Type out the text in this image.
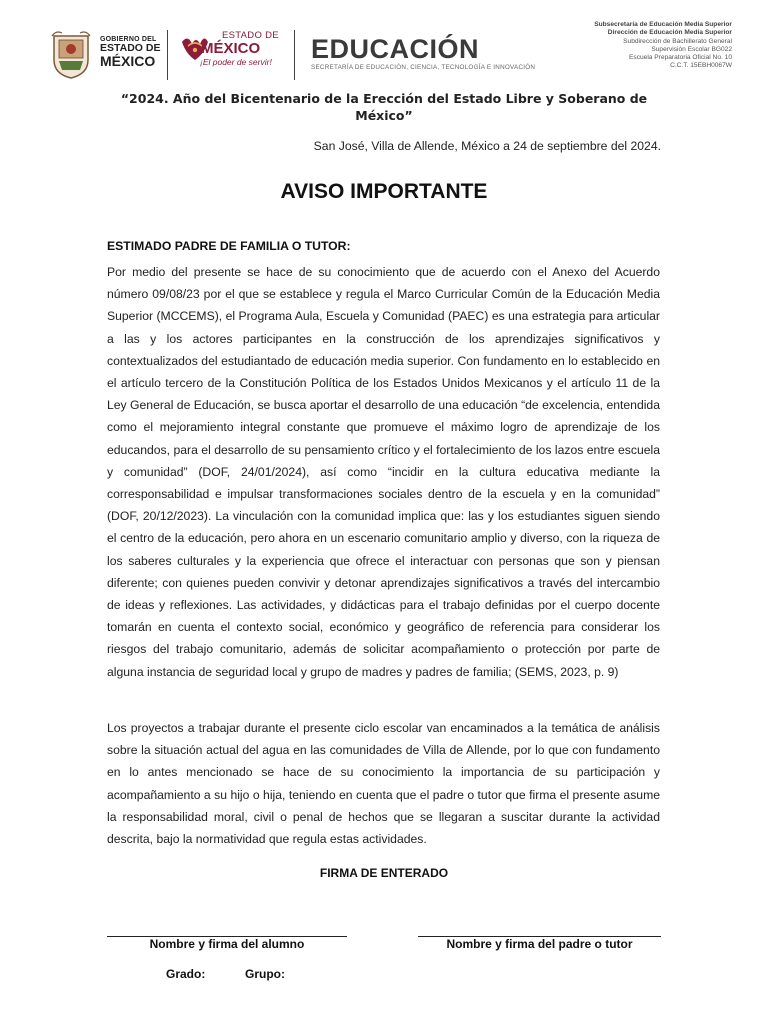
GOBIERNO DEL
ESTADO DE
MÉXICO
ESTADO DE
MÉXICO
¡El poder de servir! EDUCACIÓN
SECRETARÍA DE EDUCACIÓN, CIENCIA, TECNOLOGÍA E INNOVACIÓN
Subsecretaría de Educación Media Superior
Dirección de Educación Media Superior
Subdirección de Bachillerato General
Supervisión Escolar BG022
Escuela Preparatoria Oficial No. 10
C.C.T. 15EBH0067W
“2024. Año del Bicentenario de la Erección del Estado Libre y Soberano de México”
San José, Villa de Allende, México a 24 de septiembre del 2024.
AVISO IMPORTANTE
ESTIMADO PADRE DE FAMILIA O TUTOR:
Por medio del presente se hace de su conocimiento que de acuerdo con el Anexo del Acuerdo número 09/08/23 por el que se establece y regula el Marco Curricular Común de la Educación Media Superior (MCCEMS), el Programa Aula, Escuela y Comunidad (PAEC) es una estrategia para articular a las y los actores participantes en la construcción de los aprendizajes significativos y contextualizados del estudiantado de educación media superior. Con fundamento en lo establecido en el artículo tercero de la Constitución Política de los Estados Unidos Mexicanos y el artículo 11 de la Ley General de Educación, se busca aportar el desarrollo de una educación “de excelencia, entendida como el mejoramiento integral constante que promueve el máximo logro de aprendizaje de los educandos, para el desarrollo de su pensamiento crítico y el fortalecimiento de los lazos entre escuela y comunidad” (DOF, 24/01/2024), así como “incidir en la cultura educativa mediante la corresponsabilidad e impulsar transformaciones sociales dentro de la escuela y en la comunidad” (DOF, 20/12/2023). La vinculación con la comunidad implica que: las y los estudiantes siguen siendo el centro de la educación, pero ahora en un escenario comunitario amplio y diverso, con la riqueza de los saberes culturales y la experiencia que ofrece el interactuar con personas que son y piensan diferente; con quienes pueden convivir y detonar aprendizajes significativos a través del intercambio de ideas y reflexiones. Las actividades, y didácticas para el trabajo definidas por el cuerpo docente tomarán en cuenta el contexto social, económico y geográfico de referencia para considerar los riesgos del trabajo comunitario, además de solicitar acompañamiento o protección por parte de alguna instancia de seguridad local y grupo de madres y padres de familia; (SEMS, 2023, p. 9)
Los proyectos a trabajar durante el presente ciclo escolar van encaminados a la temática de análisis sobre la situación actual del agua en las comunidades de Villa de Allende, por lo que con fundamento en lo antes mencionado se hace de su conocimiento la importancia de su participación y acompañamiento a su hijo o hija, teniendo en cuenta que el padre o tutor que firma el presente asume la responsabilidad moral, civil o penal de hechos que se llegaran a suscitar durante la actividad descrita, bajo la normatividad que regula estas actividades.
FIRMA DE ENTERADO
Nombre y firma del alumno	Nombre y firma del padre o tutor
Grado:	Grupo:
